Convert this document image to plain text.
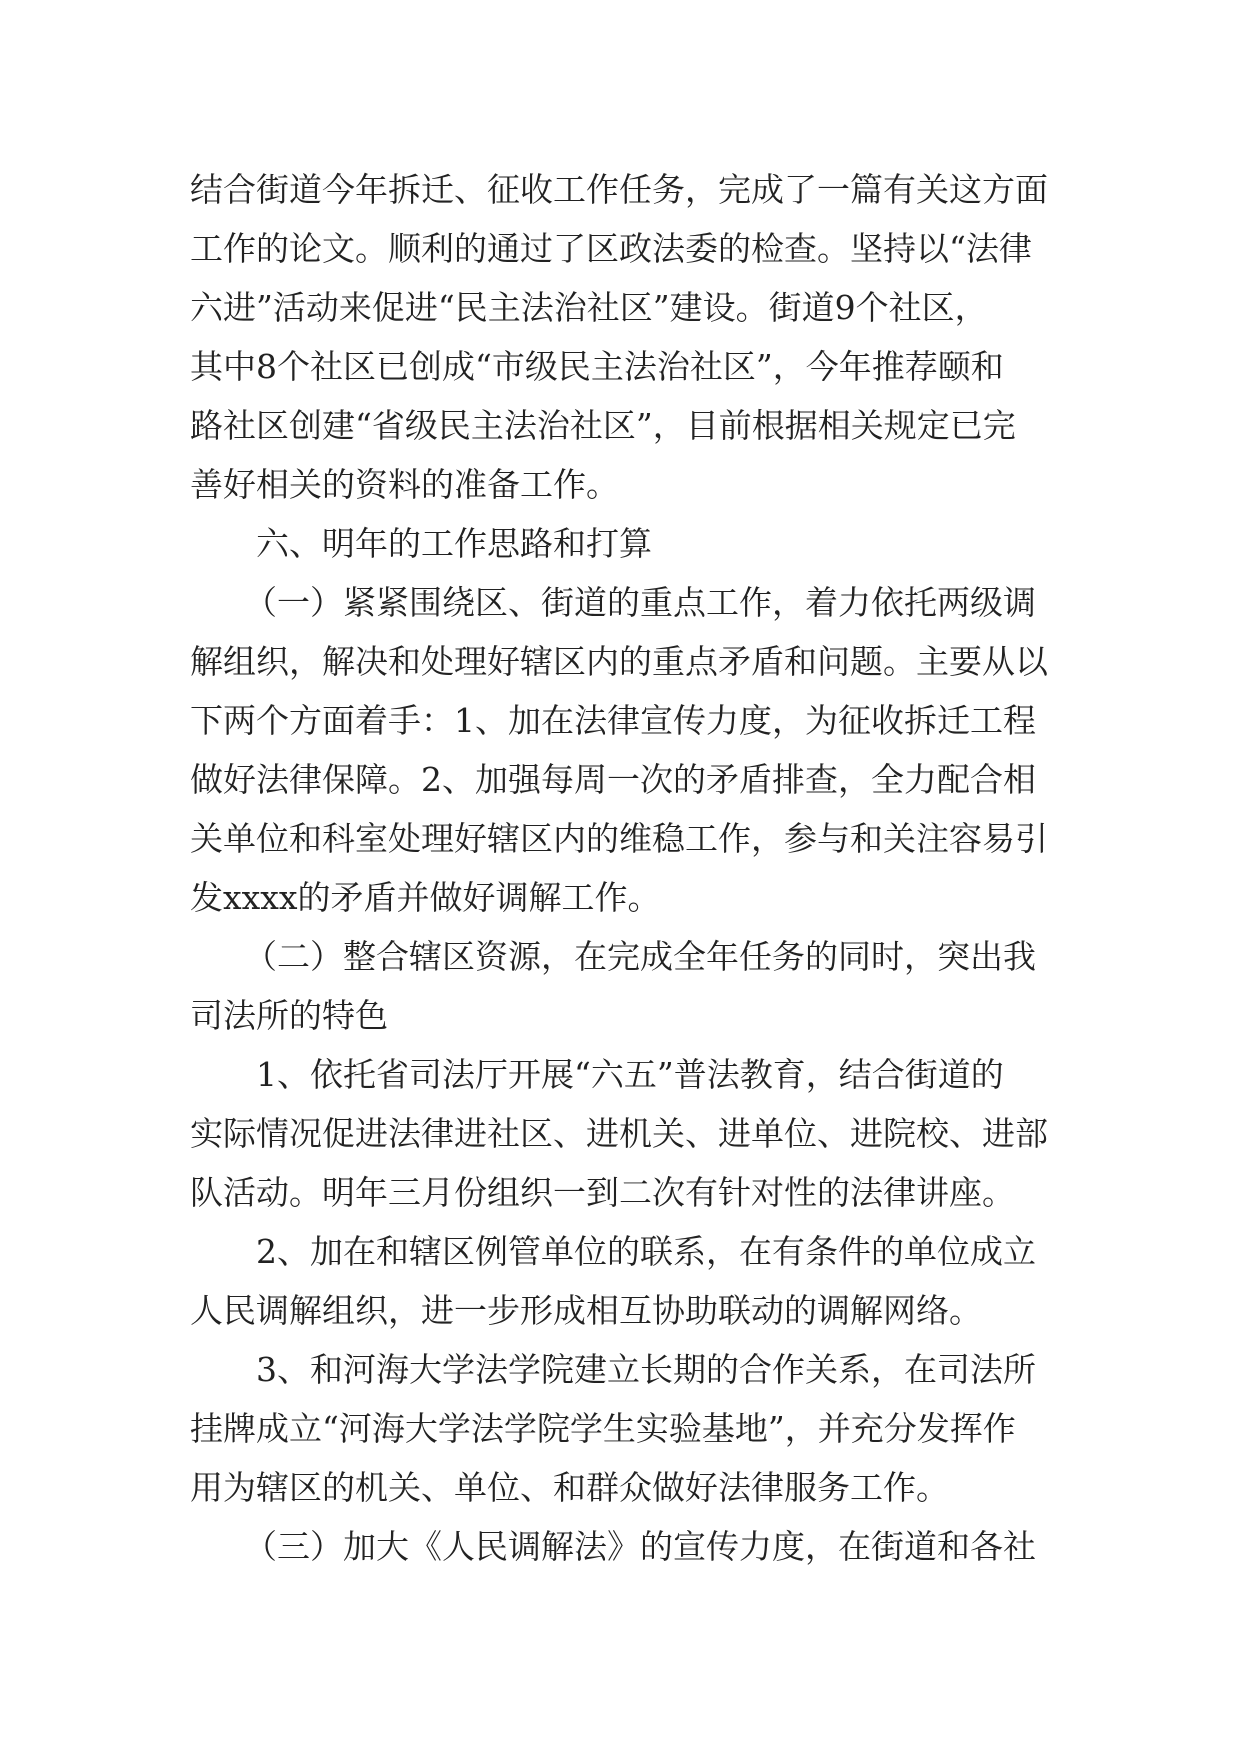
结合街道今年拆迁、征收工作任务，完成了一篇有关这方面
工作的论文。顺利的通过了区政法委的检查。坚持以“法律
六进”活动来促进“民主法治社区”建设。街道9个社区，
其中8个社区已创成“市级民主法治社区”，今年推荐颐和
路社区创建“省级民主法治社区”，目前根据相关规定已完
善好相关的资料的准备工作。
六、明年的工作思路和打算
（一）紧紧围绕区、街道的重点工作，着力依托两级调
解组织，解决和处理好辖区内的重点矛盾和问题。主要从以
下两个方面着手：1、加在法律宣传力度，为征收拆迁工程
做好法律保障。2、加强每周一次的矛盾排查，全力配合相
关单位和科室处理好辖区内的维稳工作，参与和关注容易引
发xxxx的矛盾并做好调解工作。
（二）整合辖区资源，在完成全年任务的同时，突出我
司法所的特色
1、依托省司法厅开展“六五”普法教育，结合街道的
实际情况促进法律进社区、进机关、进单位、进院校、进部
队活动。明年三月份组织一到二次有针对性的法律讲座。
2、加在和辖区例管单位的联系，在有条件的单位成立
人民调解组织，进一步形成相互协助联动的调解网络。
3、和河海大学法学院建立长期的合作关系，在司法所
挂牌成立“河海大学法学院学生实验基地”，并充分发挥作
用为辖区的机关、单位、和群众做好法律服务工作。
（三）加大《人民调解法》的宣传力度，在街道和各社
